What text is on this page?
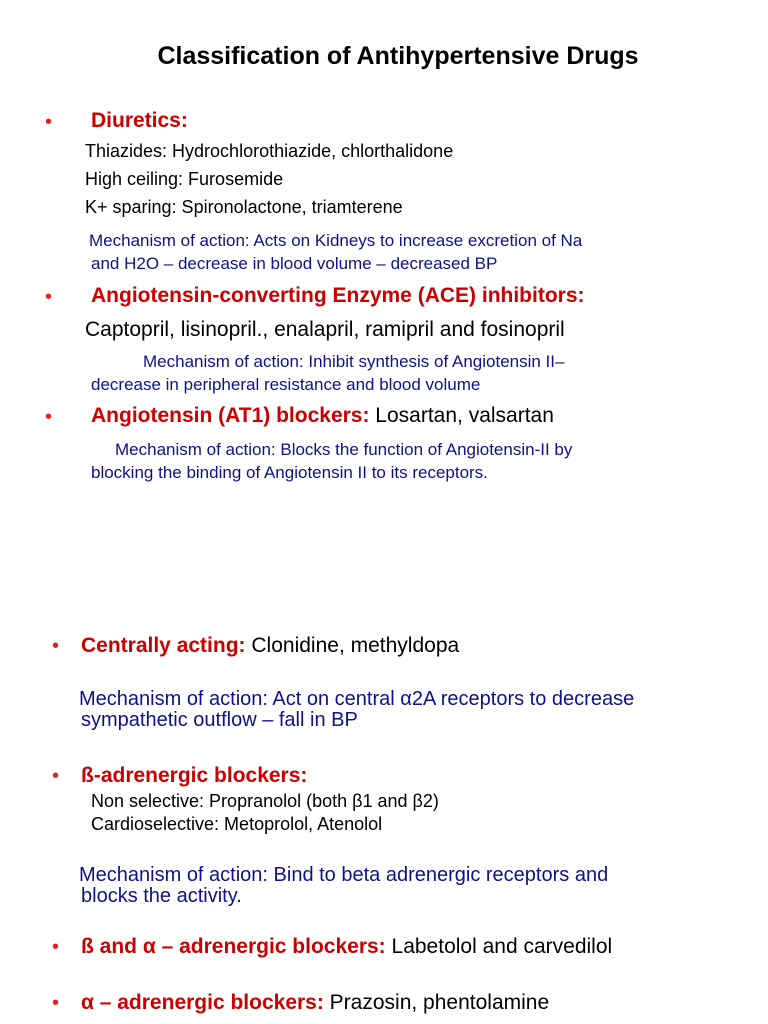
Classification of Antihypertensive Drugs
• Diuretics:
Thiazides: Hydrochlorothiazide, chlorthalidone
High ceiling: Furosemide
K+ sparing: Spironolactone, triamterene
Mechanism of action: Acts on Kidneys to increase excretion of Na
and H2O – decrease in blood volume – decreased BP
• Angiotensin-converting Enzyme (ACE) inhibitors:
Captopril, lisinopril., enalapril, ramipril and fosinopril
Mechanism of action: Inhibit synthesis of Angiotensin II–
decrease in peripheral resistance and blood volume
• Angiotensin (AT1) blockers: Losartan, valsartan
Mechanism of action: Blocks the function of Angiotensin-II by
blocking the binding of Angiotensin II to its receptors.
• Centrally acting: Clonidine, methyldopa
Mechanism of action: Act on central α2A receptors to decrease
sympathetic outflow – fall in BP
• ß-adrenergic blockers:
Non selective: Propranolol (both β1 and β2)
Cardioselective: Metoprolol, Atenolol
Mechanism of action: Bind to beta adrenergic receptors and
blocks the activity.
• ß and α – adrenergic blockers: Labetolol and carvedilol
• α – adrenergic blockers: Prazosin, phentolamine
